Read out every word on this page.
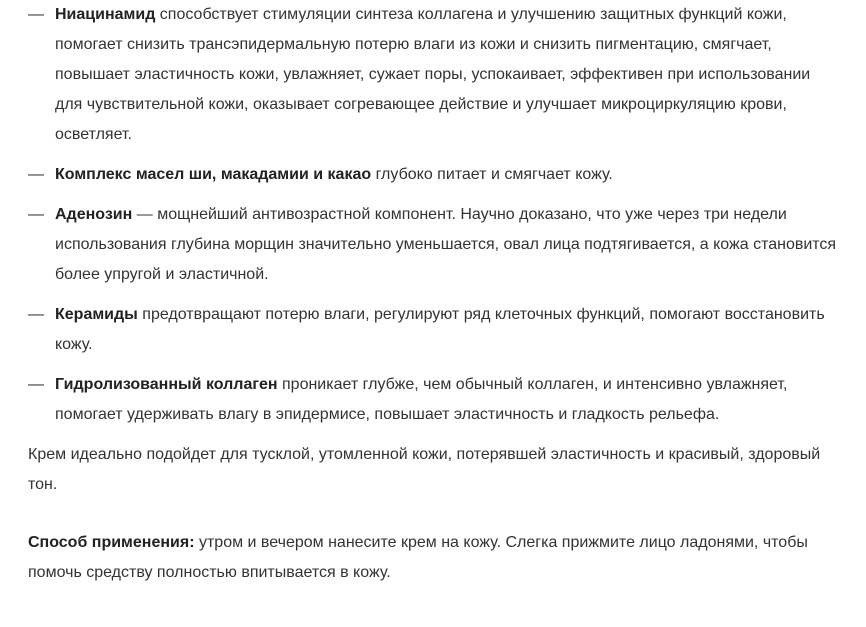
— Ниацинамид способствует стимуляции синтеза коллагена и улучшению защитных функций кожи, помогает снизить трансэпидермальную потерю влаги из кожи и снизить пигментацию, смягчает, повышает эластичность кожи, увлажняет, сужает поры, успокаивает, эффективен при использовании для чувствительной кожи, оказывает согревающее действие и улучшает микроциркуляцию крови, осветляет.
— Комплекс масел ши, макадамии и какао глубоко питает и смягчает кожу.
— Аденозин — мощнейший антивозрастной компонент. Научно доказано, что уже через три недели использования глубина морщин значительно уменьшается, овал лица подтягивается, а кожа становится более упругой и эластичной.
— Керамиды предотвращают потерю влаги, регулируют ряд клеточных функций, помогают восстановить кожу.
— Гидролизованный коллаген проникает глубже, чем обычный коллаген, и интенсивно увлажняет, помогает удерживать влагу в эпидермисе, повышает эластичность и гладкость рельефа.

Крем идеально подойдет для тусклой, утомленной кожи, потерявшей эластичность и красивый, здоровый тон.

Способ применения: утром и вечером нанесите крем на кожу. Слегка прижмите лицо ладонями, чтобы помочь средству полностью впитывается в кожу.
